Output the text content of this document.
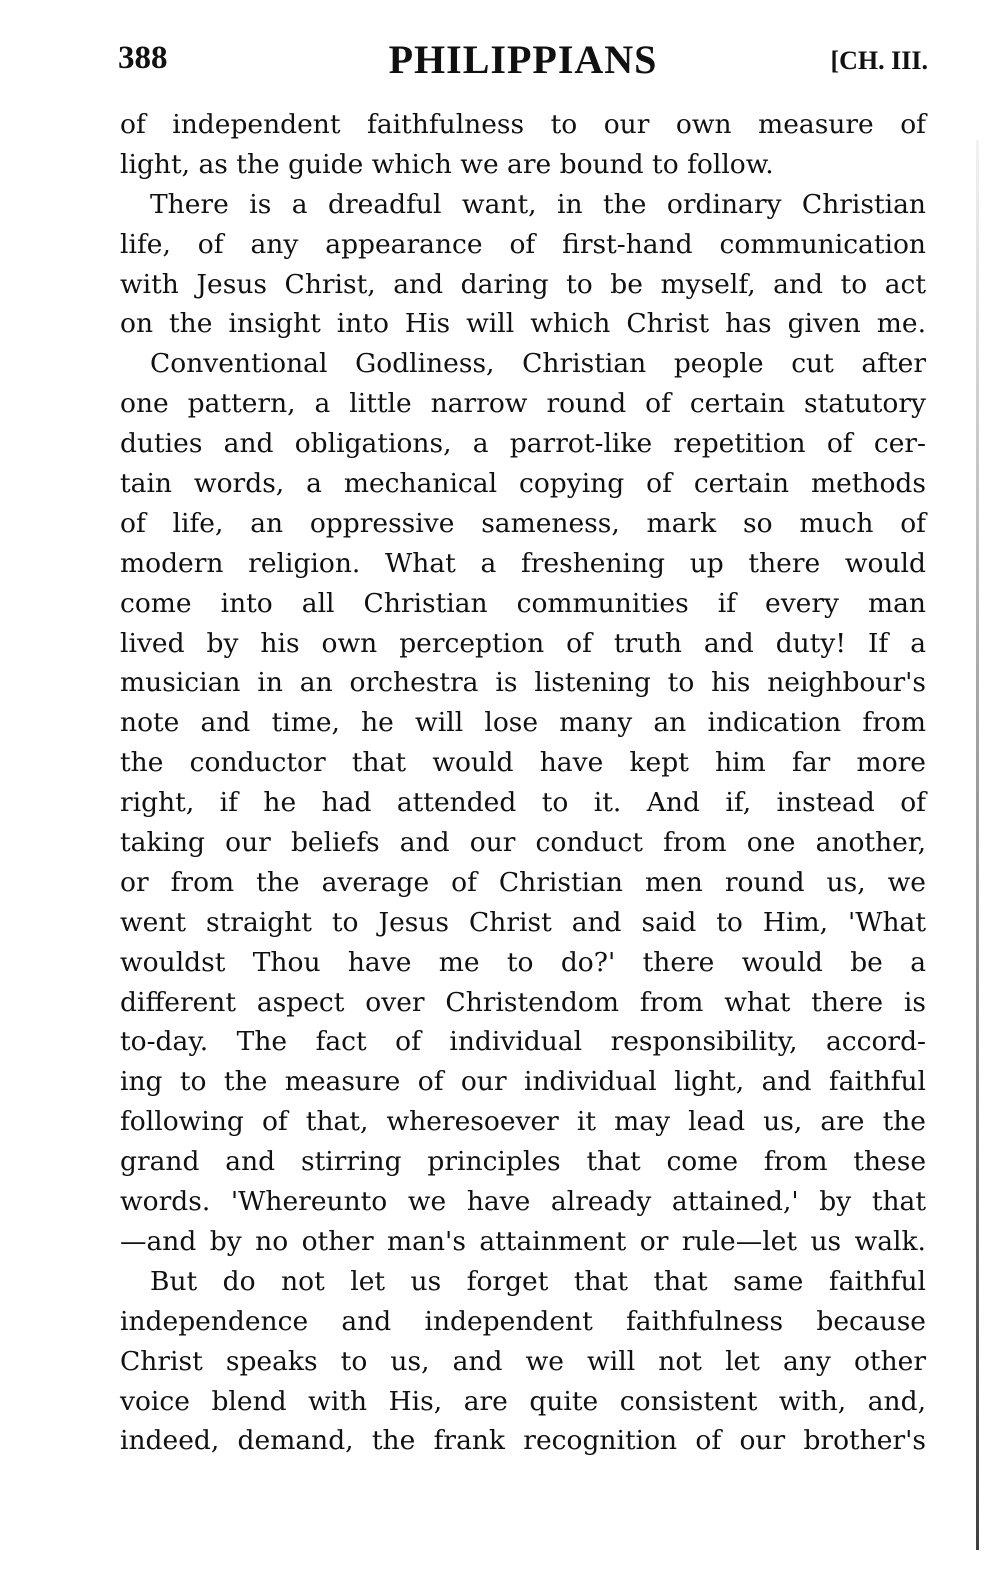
388	PHILIPPIANS	[CH. III.
of independent faithfulness to our own measure of
light, as the guide which we are bound to follow.
There is a dreadful want, in the ordinary Christian
life, of any appearance of first-hand communication
with Jesus Christ, and daring to be myself, and to act
on the insight into His will which Christ has given me.
Conventional Godliness, Christian people cut after
one pattern, a little narrow round of certain statutory
duties and obligations, a parrot-like repetition of cer-
tain words, a mechanical copying of certain methods
of life, an oppressive sameness, mark so much of
modern religion. What a freshening up there would
come into all Christian communities if every man
lived by his own perception of truth and duty! If a
musician in an orchestra is listening to his neighbour's
note and time, he will lose many an indication from
the conductor that would have kept him far more
right, if he had attended to it. And if, instead of
taking our beliefs and our conduct from one another,
or from the average of Christian men round us, we
went straight to Jesus Christ and said to Him, 'What
wouldst Thou have me to do?' there would be a
different aspect over Christendom from what there is
to-day. The fact of individual responsibility, accord-
ing to the measure of our individual light, and faithful
following of that, wheresoever it may lead us, are the
grand and stirring principles that come from these
words. 'Whereunto we have already attained,' by that
—and by no other man's attainment or rule—let us walk.
But do not let us forget that that same faithful
independence and independent faithfulness because
Christ speaks to us, and we will not let any other
voice blend with His, are quite consistent with, and,
indeed, demand, the frank recognition of our brother's
